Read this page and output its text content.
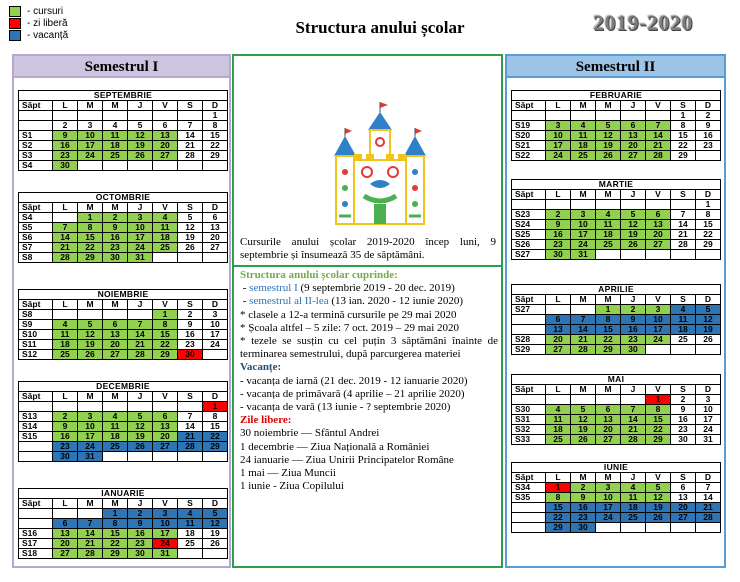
- cursuri
- zi liberă
- vacanță	Structura anului școlar	2019-2020
Semestrul I
SEPTEMBRIE							
Săpt	L	M	M	J	V	S	D
							1
	2	3	4	5	6	7	8
S1	9	10	11	12	13	14	15
S2	16	17	18	19	20	21	22
S3	23	24	25	26	27	28	29
S4	30						
OCTOMBRIE							
Săpt	L	M	M	J	V	S	D
S4		1	2	3	4	5	6
S5	7	8	9	10	11	12	13
S6	14	15	16	17	18	19	20
S7	21	22	23	24	25	26	27
S8	28	29	30	31			
NOIEMBRIE							
Săpt	L	M	M	J	V	S	D
S8					1	2	3
S9	4	5	6	7	8	9	10
S10	11	12	13	14	15	16	17
S11	18	19	20	21	22	23	24
S12	25	26	27	28	29	30	
DECEMBRIE							
Săpt	L	M	M	J	V	S	D
							1
S13	2	3	4	5	6	7	8
S14	9	10	11	12	13	14	15
S15	16	17	18	19	20	21	22
	23	24	25	26	27	28	29
	30	31					
IANUARIE							
Săpt	L	M	M	J	V	S	D
			1	2	3	4	5
	6	7	8	9	10	11	12
S16	13	14	15	16	17	18	19
S17	20	21	22	23	24	25	26
S18	27	28	29	30	31		
Cursurile anului școlar 2019-2020 încep luni, 9 septembrie și însumează 35 de săptămâni.

Structura anului școlar cuprinde:

- semestrul I (9 septembrie 2019 - 20 dec. 2019)

- semestrul al II-lea (13 ian. 2020 - 12 iunie 2020)

* clasele a 12-a termină cursurile pe 29 mai 2020

* Școala altfel – 5 zile: 7 oct. 2019 – 29 mai 2020

* tezele se susțin cu cel puțin 3 săptămâni înainte de terminarea semestrului, după parcurgerea materiei

Vacanțe:

- vacanța de iarnă (21 dec. 2019 - 12 ianuarie 2020)

- vacanța de primăvară (4 aprilie – 21 aprilie 2020)

- vacanța de vară (13 iunie - ? septembrie 2020)

Zile libere:

30 noiembrie — Sfântul Andrei

1 decembrie — Ziua Națională a României

24 ianuarie — Ziua Unirii Principatelor Române

1 mai — Ziua Muncii

1 iunie - Ziua Copilului

Semestrul II
FEBRUARIE							
Săpt	L	M	M	J	V	S	D
						1	2
S19	3	4	5	6	7	8	9
S20	10	11	12	13	14	15	16
S21	17	18	19	20	21	22	23
S22	24	25	26	27	28	29	
MARTIE							
Săpt	L	M	M	J	V	S	D
							1
S23	2	3	4	5	6	7	8
S24	9	10	11	12	13	14	15
S25	16	17	18	19	20	21	22
S26	23	24	25	26	27	28	29
S27	30	31					
APRILIE							
Săpt	L	M	M	J	V	S	D
S27			1	2	3	4	5
	6	7	8	9	10	11	12
	13	14	15	16	17	18	19
S28	20	21	22	23	24	25	26
S29	27	28	29	30			
MAI							
Săpt	L	M	M	J	V	S	D
					1	2	3
S30	4	5	6	7	8	9	10
S31	11	12	13	14	15	16	17
S32	18	19	20	21	22	23	24
S33	25	26	27	28	29	30	31
IUNIE							
Săpt	L	M	M	J	V	S	D
S34	1	2	3	4	5	6	7
S35	8	9	10	11	12	13	14
	15	16	17	18	19	20	21
	22	23	24	25	26	27	28
	29	30					
